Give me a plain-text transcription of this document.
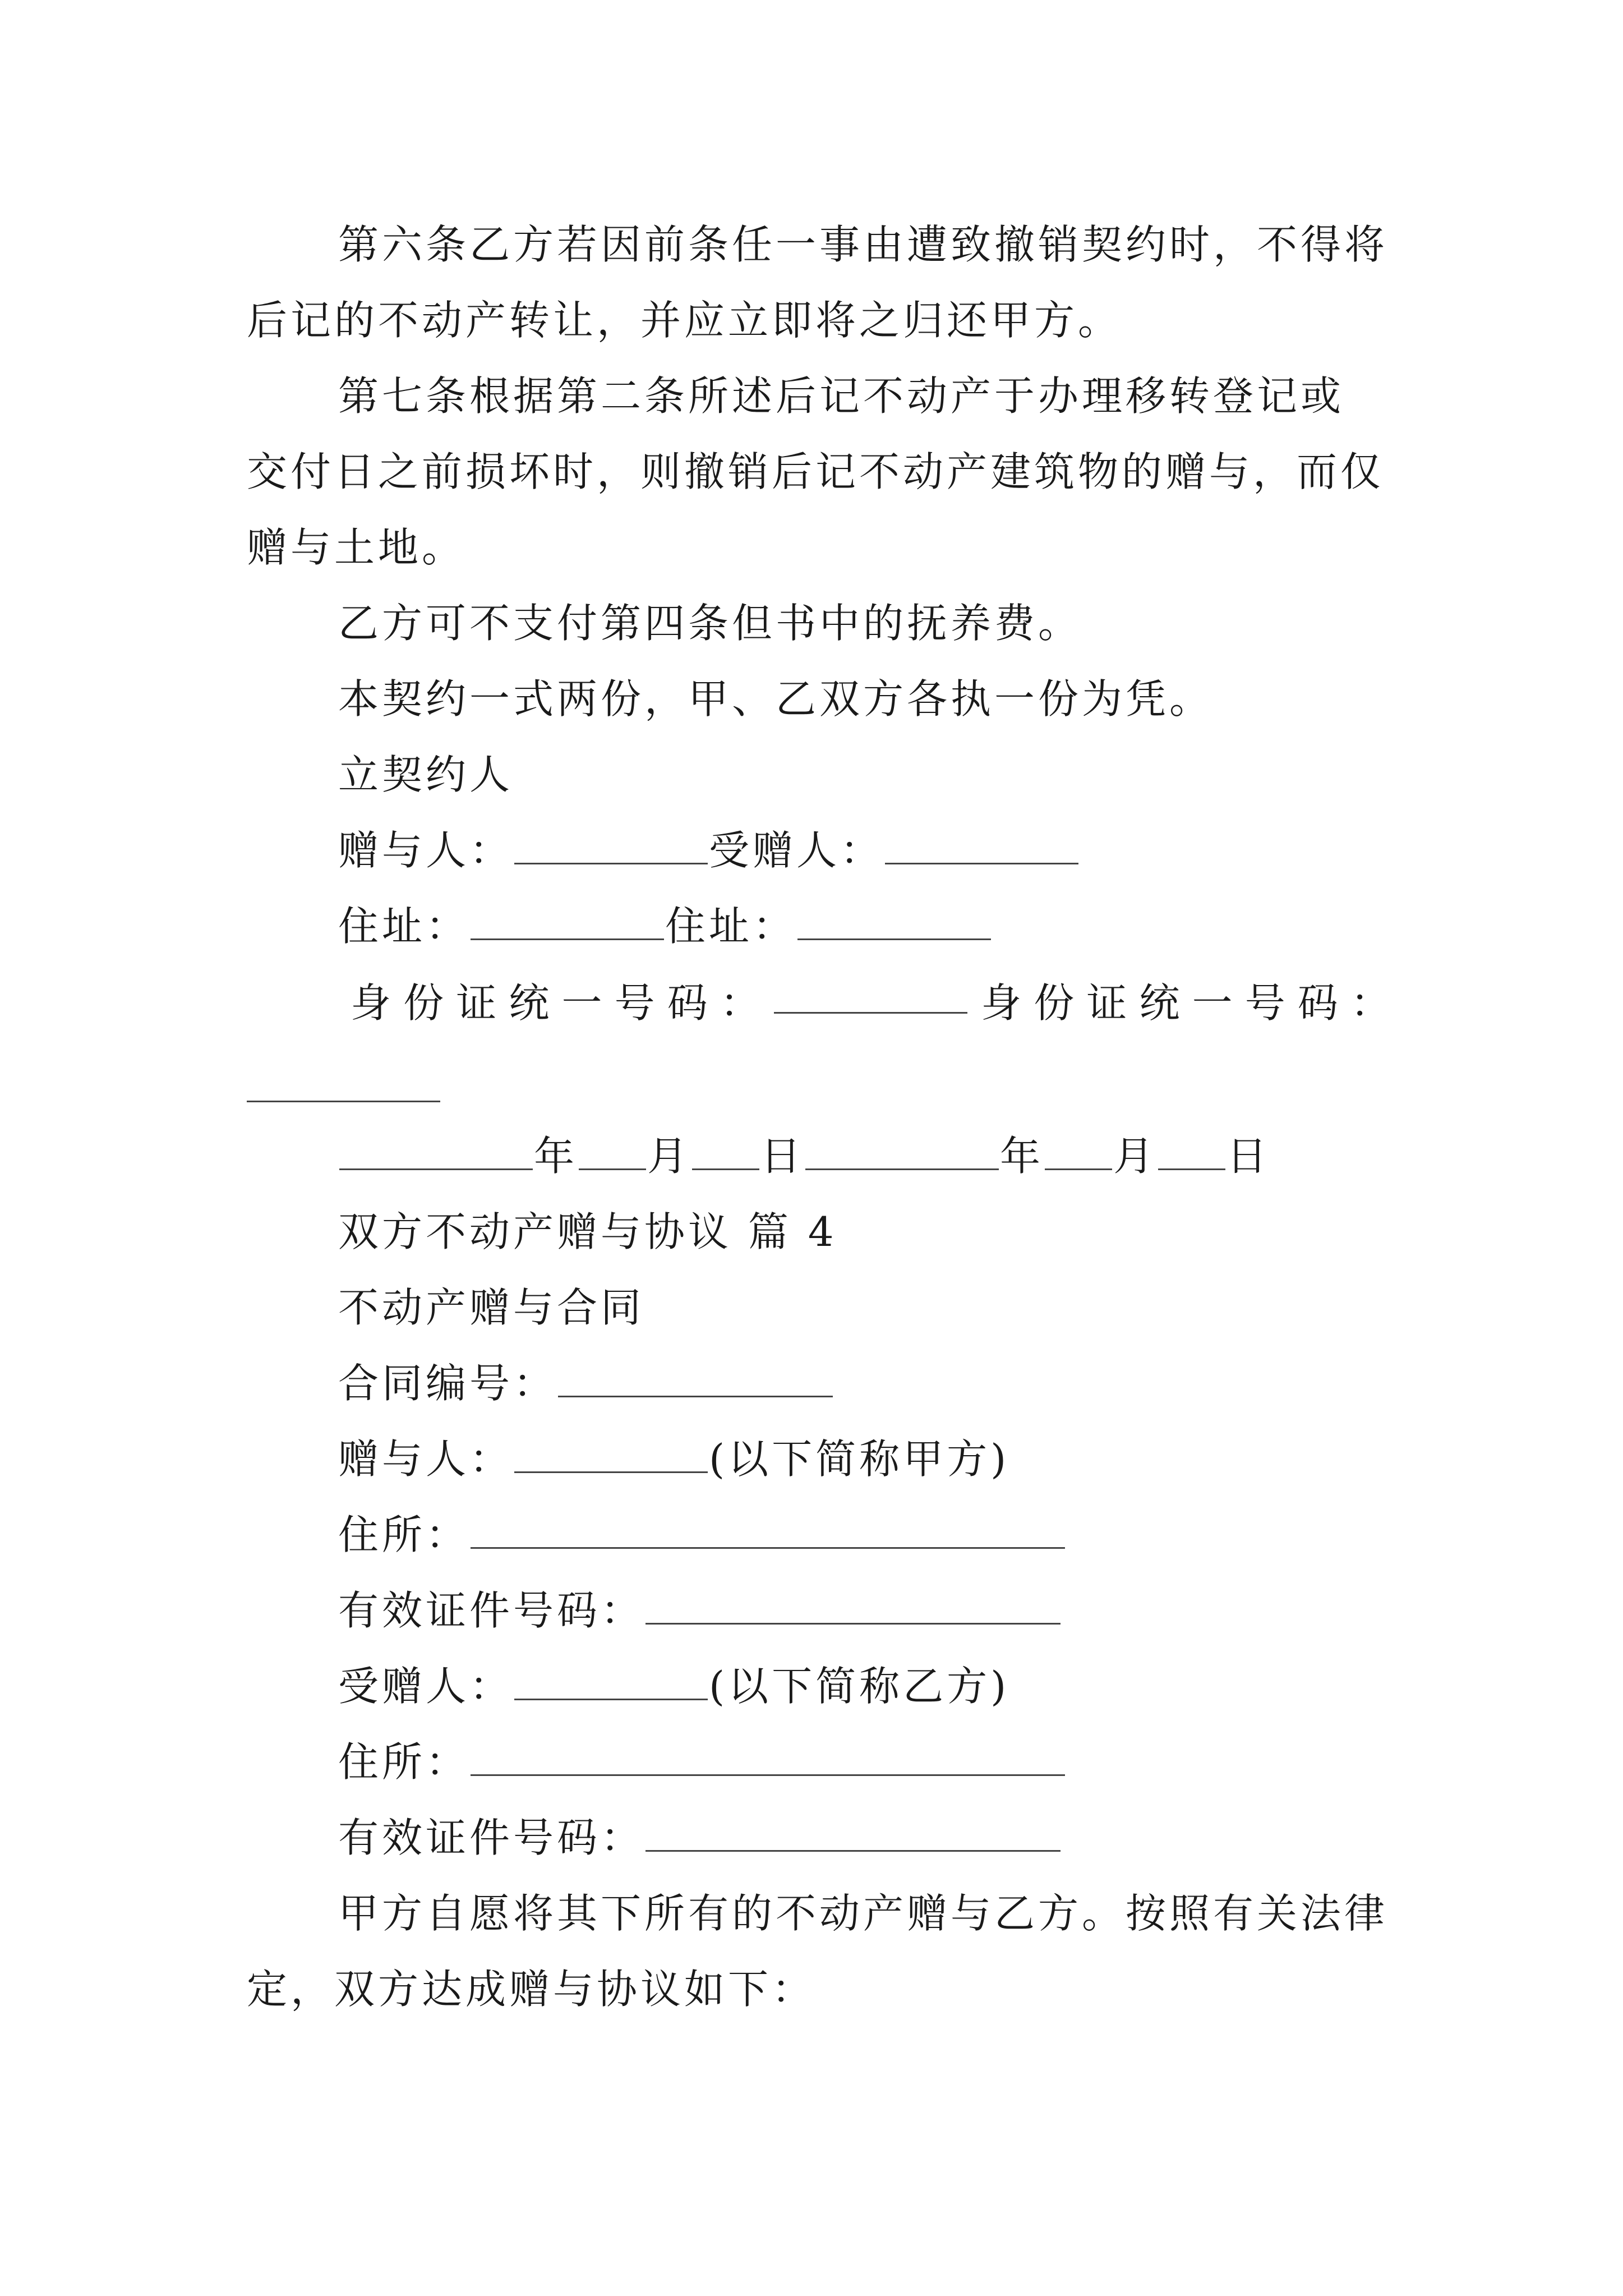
第六条乙方若因前条任一事由遭致撤销契约时，不得将
后记的不动产转让，并应立即将之归还甲方。
第七条根据第二条所述后记不动产于办理移转登记或
交付日之前损坏时，则撤销后记不动产建筑物的赠与，而仅
赠与土地。
乙方可不支付第四条但书中的抚养费。
本契约一式两份，甲、乙双方各执一份为凭。
立契约人
赠与人：	受赠人：
住址：	住址：
身 份 证 统 一 号 码 ：	身 份 证 统 一 号 码 ：
年 月 日	年 月 日
双方不动产赠与协议 篇 4
不动产赠与合同
合同编号：
赠与人：	(以下简称甲方)
住所：
有效证件号码：
受赠人：	(以下简称乙方)
住所：
有效证件号码：
甲方自愿将其下所有的不动产赠与乙方。按照有关法律
定，双方达成赠与协议如下：
